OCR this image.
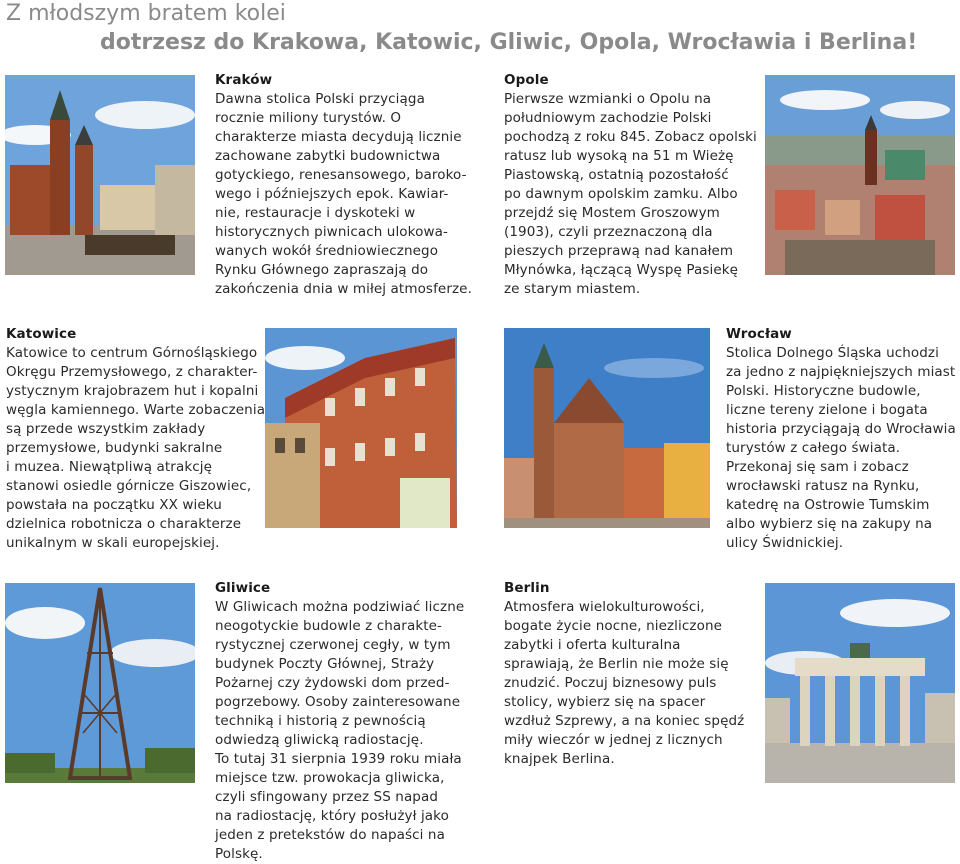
Z młodszym bratem kolei
dotrzesz do Krakowa, Katowic, Gliwic, Opola, Wrocławia i Berlina!
Kraków
Dawna stolica Polski przyciąga
rocznie miliony turystów. O
charakterze miasta decydują licznie
zachowane zabytki budownictwa
gotyckiego, renesansowego, baroko-
wego i późniejszych epok. Kawiar-
nie, restauracje i dyskoteki w
historycznych piwnicach ulokowa-
wanych wokół średniowiecznego
Rynku Głównego zapraszają do
zakończenia dnia w miłej atmosferze.
Opole
Pierwsze wzmianki o Opolu na
południowym zachodzie Polski
pochodzą z roku 845. Zobacz opolski
ratusz lub wysoką na 51 m Wieżę
Piastowską, ostatnią pozostałość
po dawnym opolskim zamku. Albo
przejdź się Mostem Groszowym
(1903), czyli przeznaczoną dla
pieszych przeprawą nad kanałem
Młynówka, łączącą Wyspę Pasiekę
ze starym miastem.
Katowice
Katowice to centrum Górnośląskiego
Okręgu Przemysłowego, z charakter-
ystycznym krajobrazem hut i kopalni
węgla kamiennego. Warte zobaczenia
są przede wszystkim zakłady
przemysłowe, budynki sakralne
i muzea. Niewątpliwą atrakcję
stanowi osiedle górnicze Giszowiec,
powstała na początku XX wieku
dzielnica robotnicza o charakterze
unikalnym w skali europejskiej.
Wrocław
Stolica Dolnego Śląska uchodzi
za jedno z najpiękniejszych miast
Polski. Historyczne budowle,
liczne tereny zielone i bogata
historia przyciągają do Wrocławia
turystów z całego świata.
Przekonaj się sam i zobacz
wrocławski ratusz na Rynku,
katedrę na Ostrowie Tumskim
albo wybierz się na zakupy na
ulicy Świdnickiej.
Gliwice
W Gliwicach można podziwiać liczne
neogotyckie budowle z charakte-
rystycznej czerwonej cegły, w tym
budynek Poczty Głównej, Straży
Pożarnej czy żydowski dom przed-
pogrzebowy. Osoby zainteresowane
techniką i historią z pewnością
odwiedzą gliwicką radiostację.
To tutaj 31 sierpnia 1939 roku miała
miejsce tzw. prowokacja gliwicka,
czyli sfingowany przez SS napad
na radiostację, który posłużył jako
jeden z pretekstów do napaści na
Polskę.
Berlin
Atmosfera wielokulturowości,
bogate życie nocne, niezliczone
zabytki i oferta kulturalna
sprawiają, że Berlin nie może się
znudzić. Poczuj biznesowy puls
stolicy, wybierz się na spacer
wzdłuż Szprewy, a na koniec spędź
miły wieczór w jednej z licznych
knajpek Berlina.
